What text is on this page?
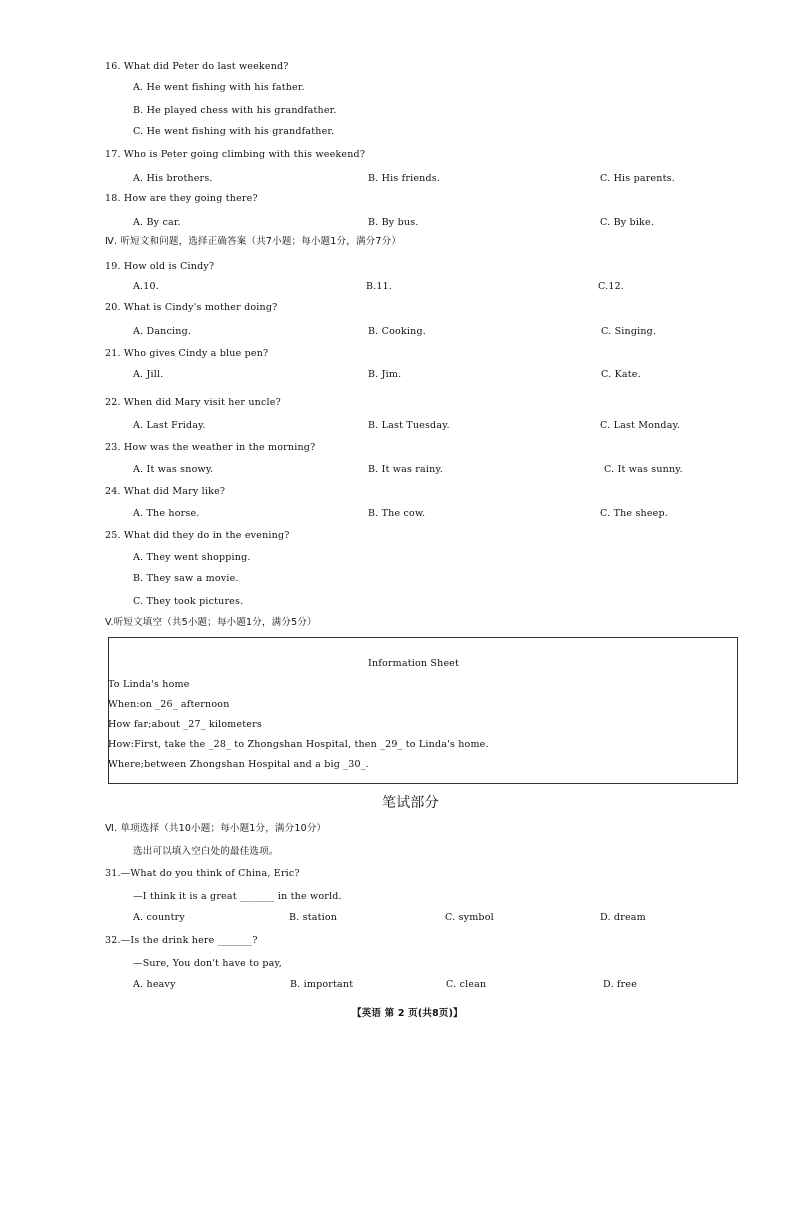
16. What did Peter do last weekend?
A. He went fishing with his father.
B. He played chess with his grandfather.
C. He went fishing with his grandfather.
17. Who is Peter going climbing with this weekend?
A. His brothers.	B. His friends.	C. His parents.
18. How are they going there?
A. By car.	B. By bus.	C. By bike.
Ⅳ. 听短文和问题，选择正确答案（共7小题；每小题1分，满分7分）
19. How old is Cindy?
A.10.	B.11.	C.12.
20. What is Cindy's mother doing?
A. Dancing.	B. Cooking.	C. Singing.
21. Who gives Cindy a blue pen?
A. Jill.	B. Jim.	C. Kate.
22. When did Mary visit her uncle?
A. Last Friday.	B. Last Tuesday.	C. Last Monday.
23. How was the weather in the morning?
A. It was snowy.	B. It was rainy.	C. It was sunny.
24. What did Mary like?
A. The horse.	B. The cow.	C. The sheep.
25. What did they do in the evening?
A. They went shopping.
B. They saw a movie.
C. They took pictures.
V.听短文填空（共5小题；每小题1分，满分5分）
Information Sheet
To Linda's home
When:on _26_ afternoon
How far;about _27_ kilometers
How:First, take the _28_ to Zhongshan Hospital, then _29_ to Linda's home.
Where;between Zhongshan Hospital and a big _30_.
笔试部分
Ⅵ. 单项选择（共10小题；每小题1分，满分10分）
选出可以填入空白处的最佳选项。
31.—What do you think of China, Eric?
—I think it is a great _______ in the world.
A. country	B. station	C. symbol	D. dream
32.—Is the drink here _______?
—Sure, You don't have to pay,
A. heavy	B. important	C. clean	D. free
【英语 第 2 页(共8页)】
